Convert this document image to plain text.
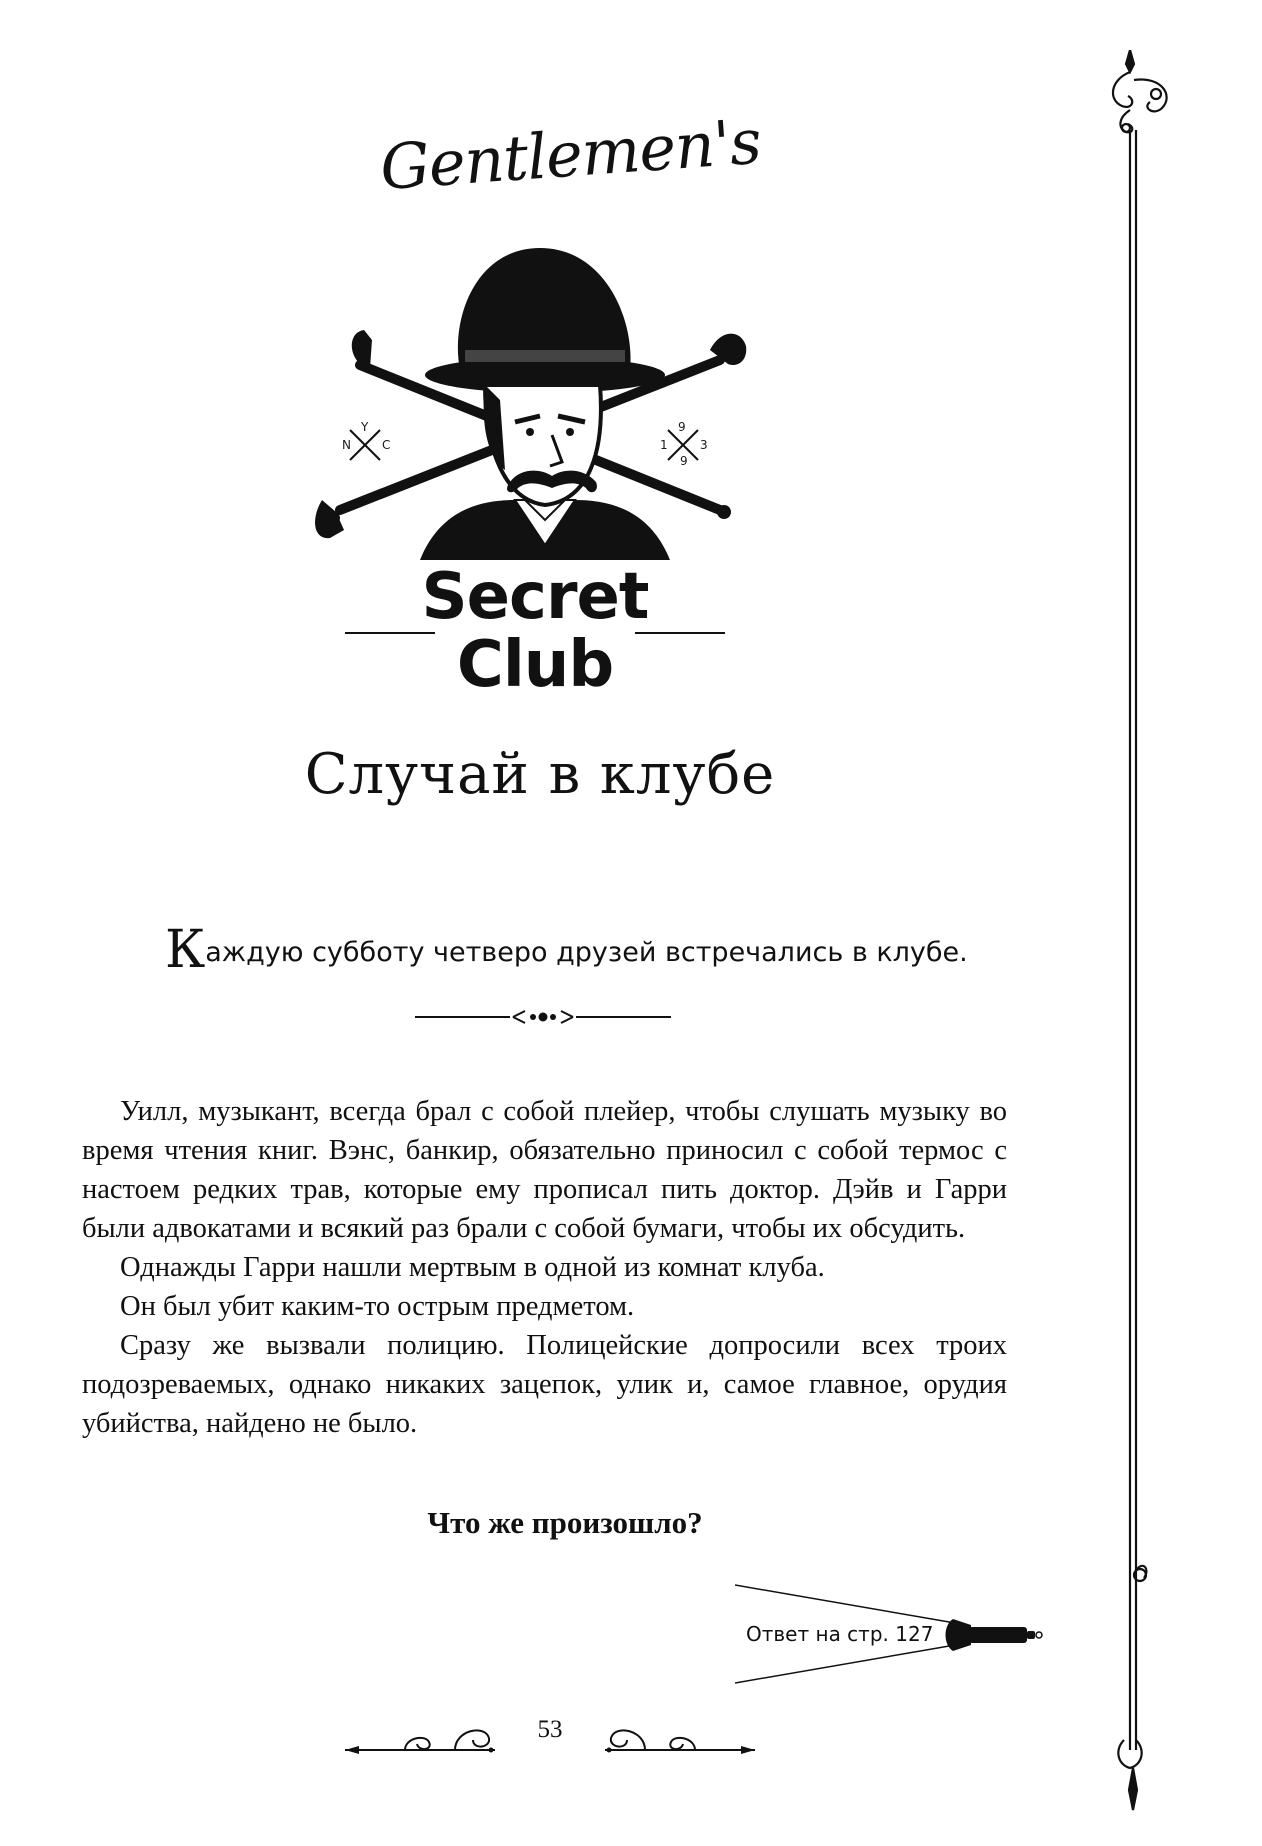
Gentlemen's
Y
N	C
9
1	3
9
Secret
Club
Случай в клубе
Каждую субботу четверо друзей встречались в клубе.

Уилл, музыкант, всегда брал с собой плейер, чтобы слушать музыку во время чтения книг. Вэнс, банкир, обязательно приносил с собой термос с настоем редких трав, которые ему прописал пить доктор. Дэйв и Гарри были адвокатами и всякий раз брали с собой бумаги, чтобы их обсудить.

Однажды Гарри нашли мертвым в одной из комнат клуба.

Он был убит каким-то острым предметом.

Сразу же вызвали полицию. Полицейские допросили всех троих подозреваемых, однако никаких зацепок, улик и, самое главное, орудия убийства, найдено не было.

Что же произошло?
Ответ на стр. 127
53
